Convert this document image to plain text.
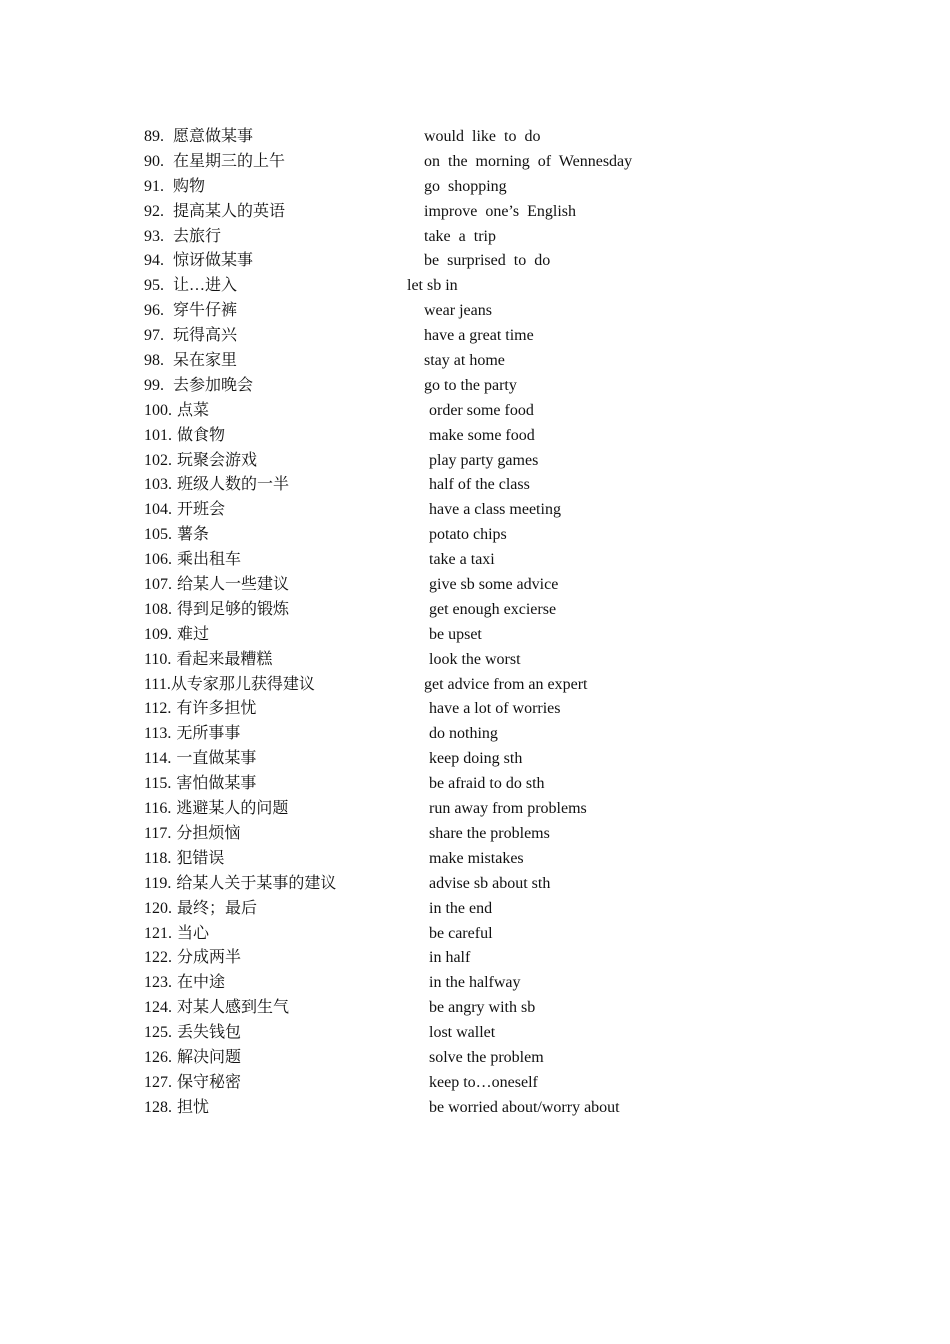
89. 愿意做某事	would  like  to  do
90. 在星期三的上午	on  the  morning  of  Wennesday
91. 购物	go  shopping
92. 提高某人的英语	improve  one’s  English
93. 去旅行	take  a  trip
94. 惊讶做某事	be  surprised  to  do
95. 让…进入	let sb in
96. 穿牛仔裤	wear jeans
97. 玩得高兴	have a great time
98. 呆在家里	stay at home
99. 去参加晚会	go to the party
100. 点菜	order some food
101. 做食物	make some food
102. 玩聚会游戏	play party games
103. 班级人数的一半	half of the class
104. 开班会	have a class meeting
105. 薯条	potato chips
106. 乘出租车	take a taxi
107. 给某人一些建议	give sb some advice
108. 得到足够的锻炼	get enough excierse
109. 难过	be upset
110. 看起来最糟糕	look the worst
111.从专家那儿获得建议	get advice from an expert
112. 有许多担忧	have a lot of worries
113. 无所事事	do nothing
114. 一直做某事	keep doing sth
115. 害怕做某事	be afraid to do sth
116. 逃避某人的问题	run away from problems
117. 分担烦恼	share the problems
118. 犯错误	make mistakes
119. 给某人关于某事的建议	advise sb about sth
120. 最终；最后	in the end
121. 当心	be careful
122. 分成两半	in half
123. 在中途	in the halfway
124. 对某人感到生气	be angry with sb
125. 丢失钱包	lost wallet
126. 解决问题	solve the problem
127. 保守秘密	keep to…oneself
128. 担忧	be worried about/worry about
